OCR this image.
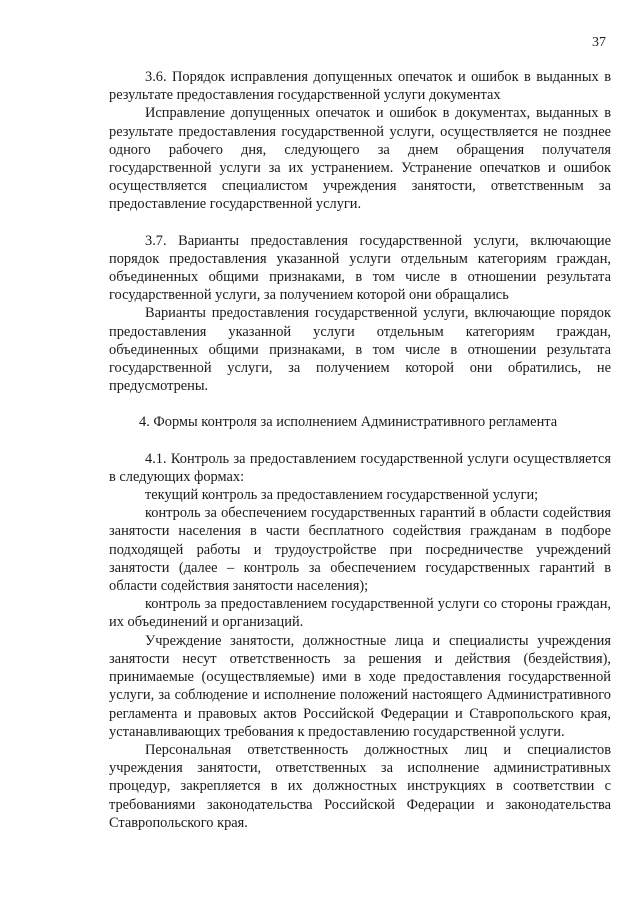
37

3.6. Порядок исправления допущенных опечаток и ошибок в выданных в результате предоставления государственной услуги документах

Исправление допущенных опечаток и ошибок в документах, выданных в результате предоставления государственной услуги, осуществляется не позднее одного рабочего дня, следующего за днем обращения получателя государственной услуги за их устранением. Устранение опечатков и ошибок осуществляется специалистом учреждения занятости, ответственным за предоставление государственной услуги.

3.7. Варианты предоставления государственной услуги, включающие порядок предоставления указанной услуги отдельным категориям граждан, объединенных общими признаками, в том числе в отношении результата государственной услуги, за получением которой они обращались

Варианты предоставления государственной услуги, включающие порядок предоставления указанной услуги отдельным категориям граждан, объединенных общими признаками, в том числе в отношении результата государственной услуги, за получением которой они обратились, не предусмотрены.

4. Формы контроля за исполнением Административного регламента

4.1. Контроль за предоставлением государственной услуги осуществляется в следующих формах:

текущий контроль за предоставлением государственной услуги;

контроль за обеспечением государственных гарантий в области содействия занятости населения в части бесплатного содействия гражданам в подборе подходящей работы и трудоустройстве при посредничестве учреждений занятости (далее – контроль за обеспечением государственных гарантий в области содействия занятости населения);

контроль за предоставлением государственной услуги со стороны граждан, их объединений и организаций.

Учреждение занятости, должностные лица и специалисты учреждения занятости несут ответственность за решения и действия (бездействия), принимаемые (осуществляемые) ими в ходе предоставления государственной услуги, за соблюдение и исполнение положений настоящего Административного регламента и правовых актов Российской Федерации и Ставропольского края, устанавливающих требования к предоставлению государственной услуги.

Персональная ответственность должностных лиц и специалистов учреждения занятости, ответственных за исполнение административных процедур, закрепляется в их должностных инструкциях в соответствии с требованиями законодательства Российской Федерации и законодательства Ставропольского края.
